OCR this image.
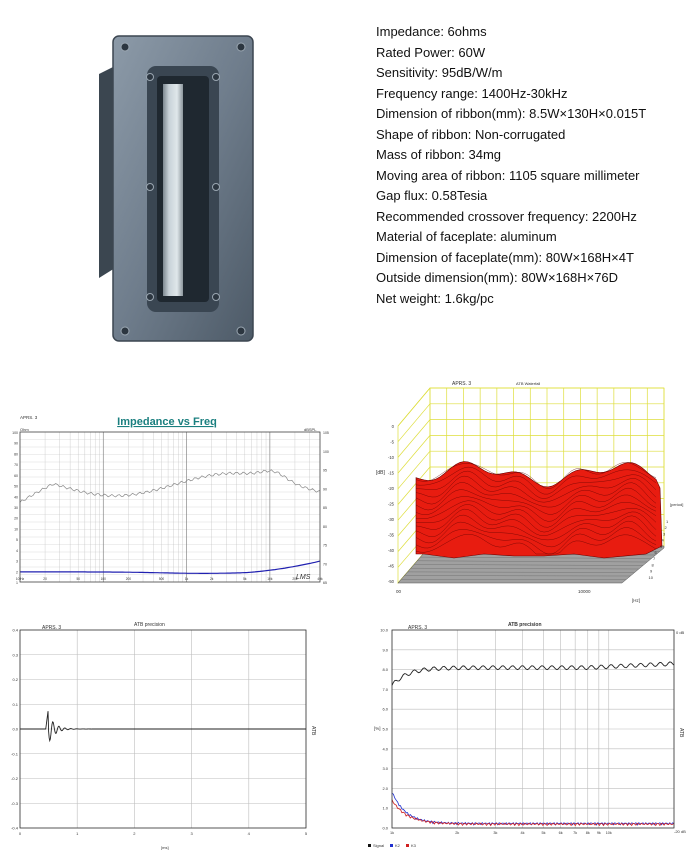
Impedance: 6ohms
Rated Power: 60W
Sensitivity: 95dB/W/m
Frequency range: 1400Hz-30kHz
Dimension of ribbon(mm): 8.5W×130H×0.015T
Shape of ribbon: Non-corrugated
Mass of ribbon: 34mg
Moving area of ribbon: 1105 square millimeter
Gap flux: 0.58Tesia
Recommended crossover frequency: 2200Hz
Material of faceplate: aluminum
Dimension of faceplate(mm): 80W×168H×4T
Outside dimension(mm): 80W×168H×76D
Net weight: 1.6kg/pc
APRS. 3	Impedance vs Freq
Ohm	dBSPL
100
90
80
70
60
50
40
30
20
10
5
4
3
2
1
105
100
95
90
85
80
75
70
65
10 Hz	20	50	100	200	500	1k	2k	5k	10k	20k	40k
LMS
APRS. 3	ATB Waterfall
[dB]
0
-5
-10
-15
-20
-25
-30
-35
-40
-45
-50
1
2
3
4
5
6
7
8
9
10
[period]
00	10000
[Hz]
APRS. 3	ATB precision
0.4
0.3
0.2
0.1
0.0
-0.1
-0.2
-0.3
-0.4
0	1	2	3	4	5
[ms]
ATB
APRS. 3	ATB precision
0 dB
-20 dB
[%]	ATB
10.0
9.0
8.0
7.0
6.0
5.0
4.0
3.0
2.0
1.0
0.0
1k	2k	3k	4k	5k	6k	7k 8k 9k 10k
Signal	K2	K3
